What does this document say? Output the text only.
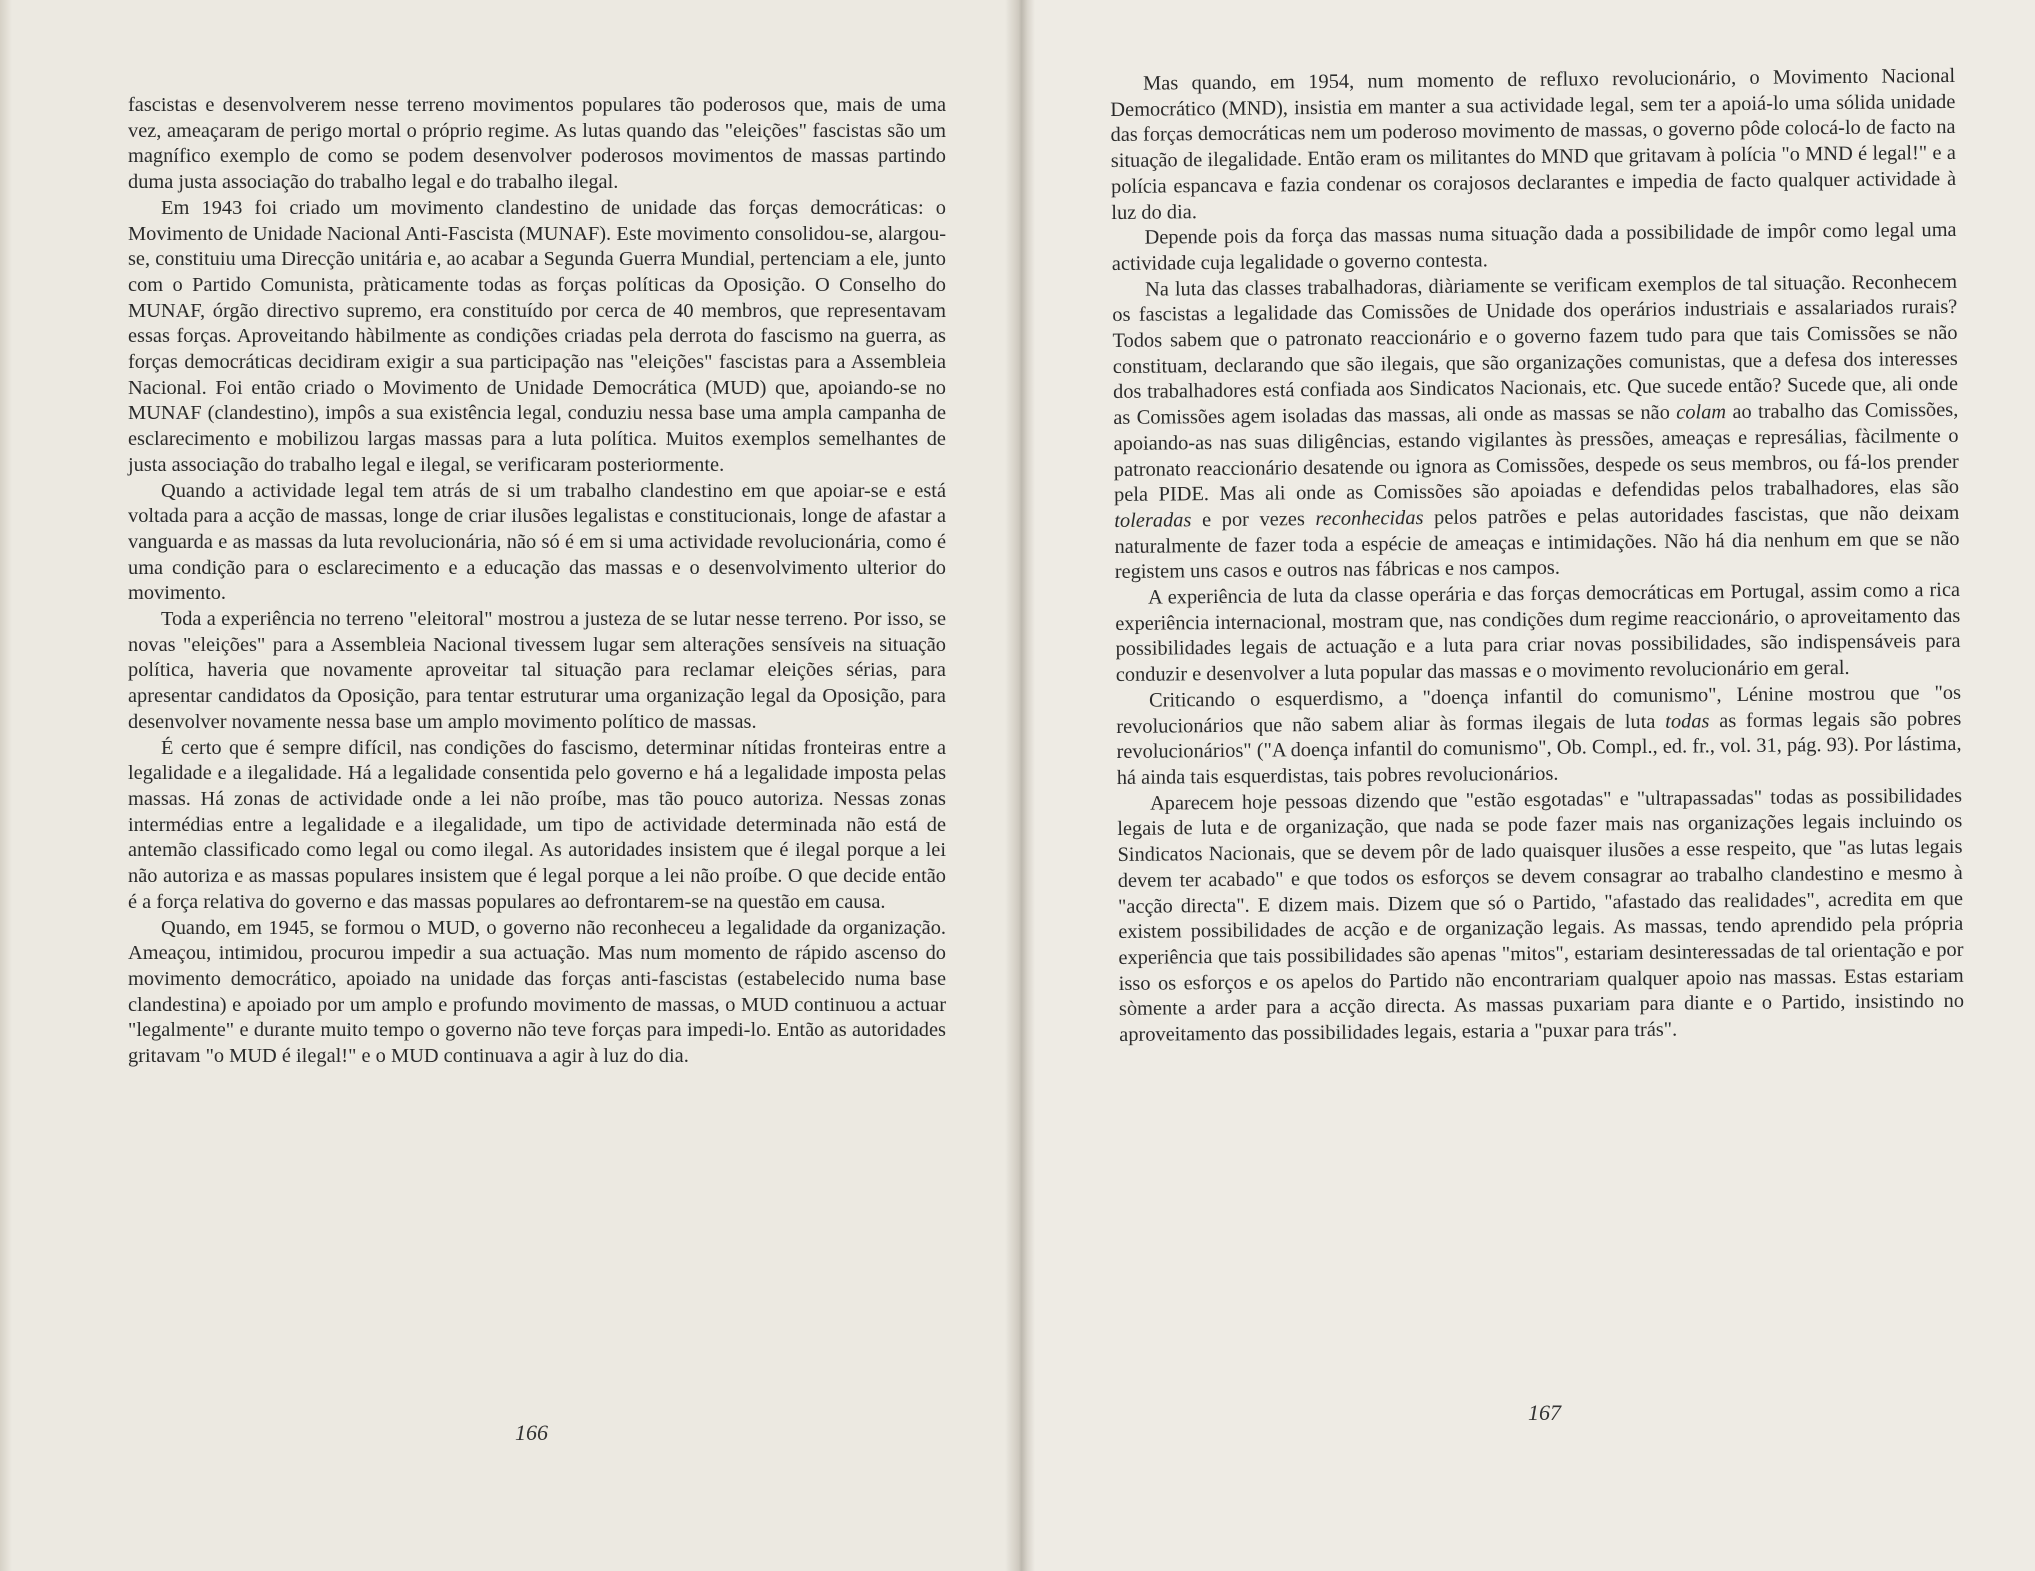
fascistas e desenvolverem nesse terreno movimentos populares tão poderosos que, mais de uma vez, ameaçaram de perigo mortal o próprio regime. As lutas quando das "eleições" fascistas são um magnífico exemplo de como se podem desenvolver poderosos movimentos de massas partindo duma justa associação do trabalho legal e do trabalho ilegal.

Em 1943 foi criado um movimento clandestino de unidade das forças democráticas: o Movimento de Unidade Nacional Anti-Fascista (MUNAF). Este movimento consolidou-se, alargou-se, constituiu uma Direcção unitária e, ao acabar a Segunda Guerra Mundial, pertenciam a ele, junto com o Partido Comunista, pràticamente todas as forças políticas da Oposição. O Conselho do MUNAF, órgão directivo supremo, era constituído por cerca de 40 membros, que representavam essas forças. Aproveitando hàbilmente as condições criadas pela derrota do fascismo na guerra, as forças democráticas decidiram exigir a sua participação nas "eleições" fascistas para a Assembleia Nacional. Foi então criado o Movimento de Unidade Democrática (MUD) que, apoiando-se no MUNAF (clandestino), impôs a sua existência legal, conduziu nessa base uma ampla campanha de esclarecimento e mobilizou largas massas para a luta política. Muitos exemplos semelhantes de justa associação do trabalho legal e ilegal, se verificaram posteriormente.

Quando a actividade legal tem atrás de si um trabalho clandestino em que apoiar-se e está voltada para a acção de massas, longe de criar ilusões legalistas e constitucionais, longe de afastar a vanguarda e as massas da luta revolucionária, não só é em si uma actividade revolucionária, como é uma condição para o esclarecimento e a educação das massas e o desenvolvimento ulterior do movimento.

Toda a experiência no terreno "eleitoral" mostrou a justeza de se lutar nesse terreno. Por isso, se novas "eleições" para a Assembleia Nacional tivessem lugar sem alterações sensíveis na situação política, haveria que novamente aproveitar tal situação para reclamar eleições sérias, para apresentar candidatos da Oposição, para tentar estruturar uma organização legal da Oposição, para desenvolver novamente nessa base um amplo movimento político de massas.

É certo que é sempre difícil, nas condições do fascismo, determinar nítidas fronteiras entre a legalidade e a ilegalidade. Há a legalidade consentida pelo governo e há a legalidade imposta pelas massas. Há zonas de actividade onde a lei não proíbe, mas tão pouco autoriza. Nessas zonas intermédias entre a legalidade e a ilegalidade, um tipo de actividade determinada não está de antemão classificado como legal ou como ilegal. As autoridades insistem que é ilegal porque a lei não autoriza e as massas populares insistem que é legal porque a lei não proíbe. O que decide então é a força relativa do governo e das massas populares ao defrontarem-se na questão em causa.

Quando, em 1945, se formou o MUD, o governo não reconheceu a legalidade da organização. Ameaçou, intimidou, procurou impedir a sua actuação. Mas num momento de rápido ascenso do movimento democrático, apoiado na unidade das forças anti-fascistas (estabelecido numa base clandestina) e apoiado por um amplo e profundo movimento de massas, o MUD continuou a actuar "legalmente" e durante muito tempo o governo não teve forças para impedi-lo. Então as autoridades gritavam "o MUD é ilegal!" e o MUD continuava a agir à luz do dia.

166

Mas quando, em 1954, num momento de refluxo revolucionário, o Movimento Nacional Democrático (MND), insistia em manter a sua actividade legal, sem ter a apoiá-lo uma sólida unidade das forças democráticas nem um poderoso movimento de massas, o governo pôde colocá-lo de facto na situação de ilegalidade. Então eram os militantes do MND que gritavam à polícia "o MND é legal!" e a polícia espancava e fazia condenar os corajosos declarantes e impedia de facto qualquer actividade à luz do dia.

Depende pois da força das massas numa situação dada a possibilidade de impôr como legal uma actividade cuja legalidade o governo contesta.

Na luta das classes trabalhadoras, diàriamente se verificam exemplos de tal situação. Reconhecem os fascistas a legalidade das Comissões de Unidade dos operários industriais e assalariados rurais? Todos sabem que o patronato reaccionário e o governo fazem tudo para que tais Comissões se não constituam, declarando que são ilegais, que são organizações comunistas, que a defesa dos interesses dos trabalhadores está confiada aos Sindicatos Nacionais, etc. Que sucede então? Sucede que, ali onde as Comissões agem isoladas das massas, ali onde as massas se não colam ao trabalho das Comissões, apoiando-as nas suas diligências, estando vigilantes às pressões, ameaças e represálias, fàcilmente o patronato reaccionário desatende ou ignora as Comissões, despede os seus membros, ou fá-los prender pela PIDE. Mas ali onde as Comissões são apoiadas e defendidas pelos trabalhadores, elas são toleradas e por vezes reconhecidas pelos patrões e pelas autoridades fascistas, que não deixam naturalmente de fazer toda a espécie de ameaças e intimidações. Não há dia nenhum em que se não registem uns casos e outros nas fábricas e nos campos.

A experiência de luta da classe operária e das forças democráticas em Portugal, assim como a rica experiência internacional, mostram que, nas condições dum regime reaccionário, o aproveitamento das possibilidades legais de actuação e a luta para criar novas possibilidades, são indispensáveis para conduzir e desenvolver a luta popular das massas e o movimento revolucionário em geral.

Criticando o esquerdismo, a "doença infantil do comunismo", Lénine mostrou que "os revolucionários que não sabem aliar às formas ilegais de luta todas as formas legais são pobres revolucionários" ("A doença infantil do comunismo", Ob. Compl., ed. fr., vol. 31, pág. 93). Por lástima, há ainda tais esquerdistas, tais pobres revolucionários.

Aparecem hoje pessoas dizendo que "estão esgotadas" e "ultrapassadas" todas as possibilidades legais de luta e de organização, que nada se pode fazer mais nas organizações legais incluindo os Sindicatos Nacionais, que se devem pôr de lado quaisquer ilusões a esse respeito, que "as lutas legais devem ter acabado" e que todos os esforços se devem consagrar ao trabalho clandestino e mesmo à "acção directa". E dizem mais. Dizem que só o Partido, "afastado das realidades", acredita em que existem possibilidades de acção e de organização legais. As massas, tendo aprendido pela própria experiência que tais possibilidades são apenas "mitos", estariam desinteressadas de tal orientação e por isso os esforços e os apelos do Partido não encontrariam qualquer apoio nas massas. Estas estariam sòmente a arder para a acção directa. As massas puxariam para diante e o Partido, insistindo no aproveitamento das possibilidades legais, estaria a "puxar para trás".

167
